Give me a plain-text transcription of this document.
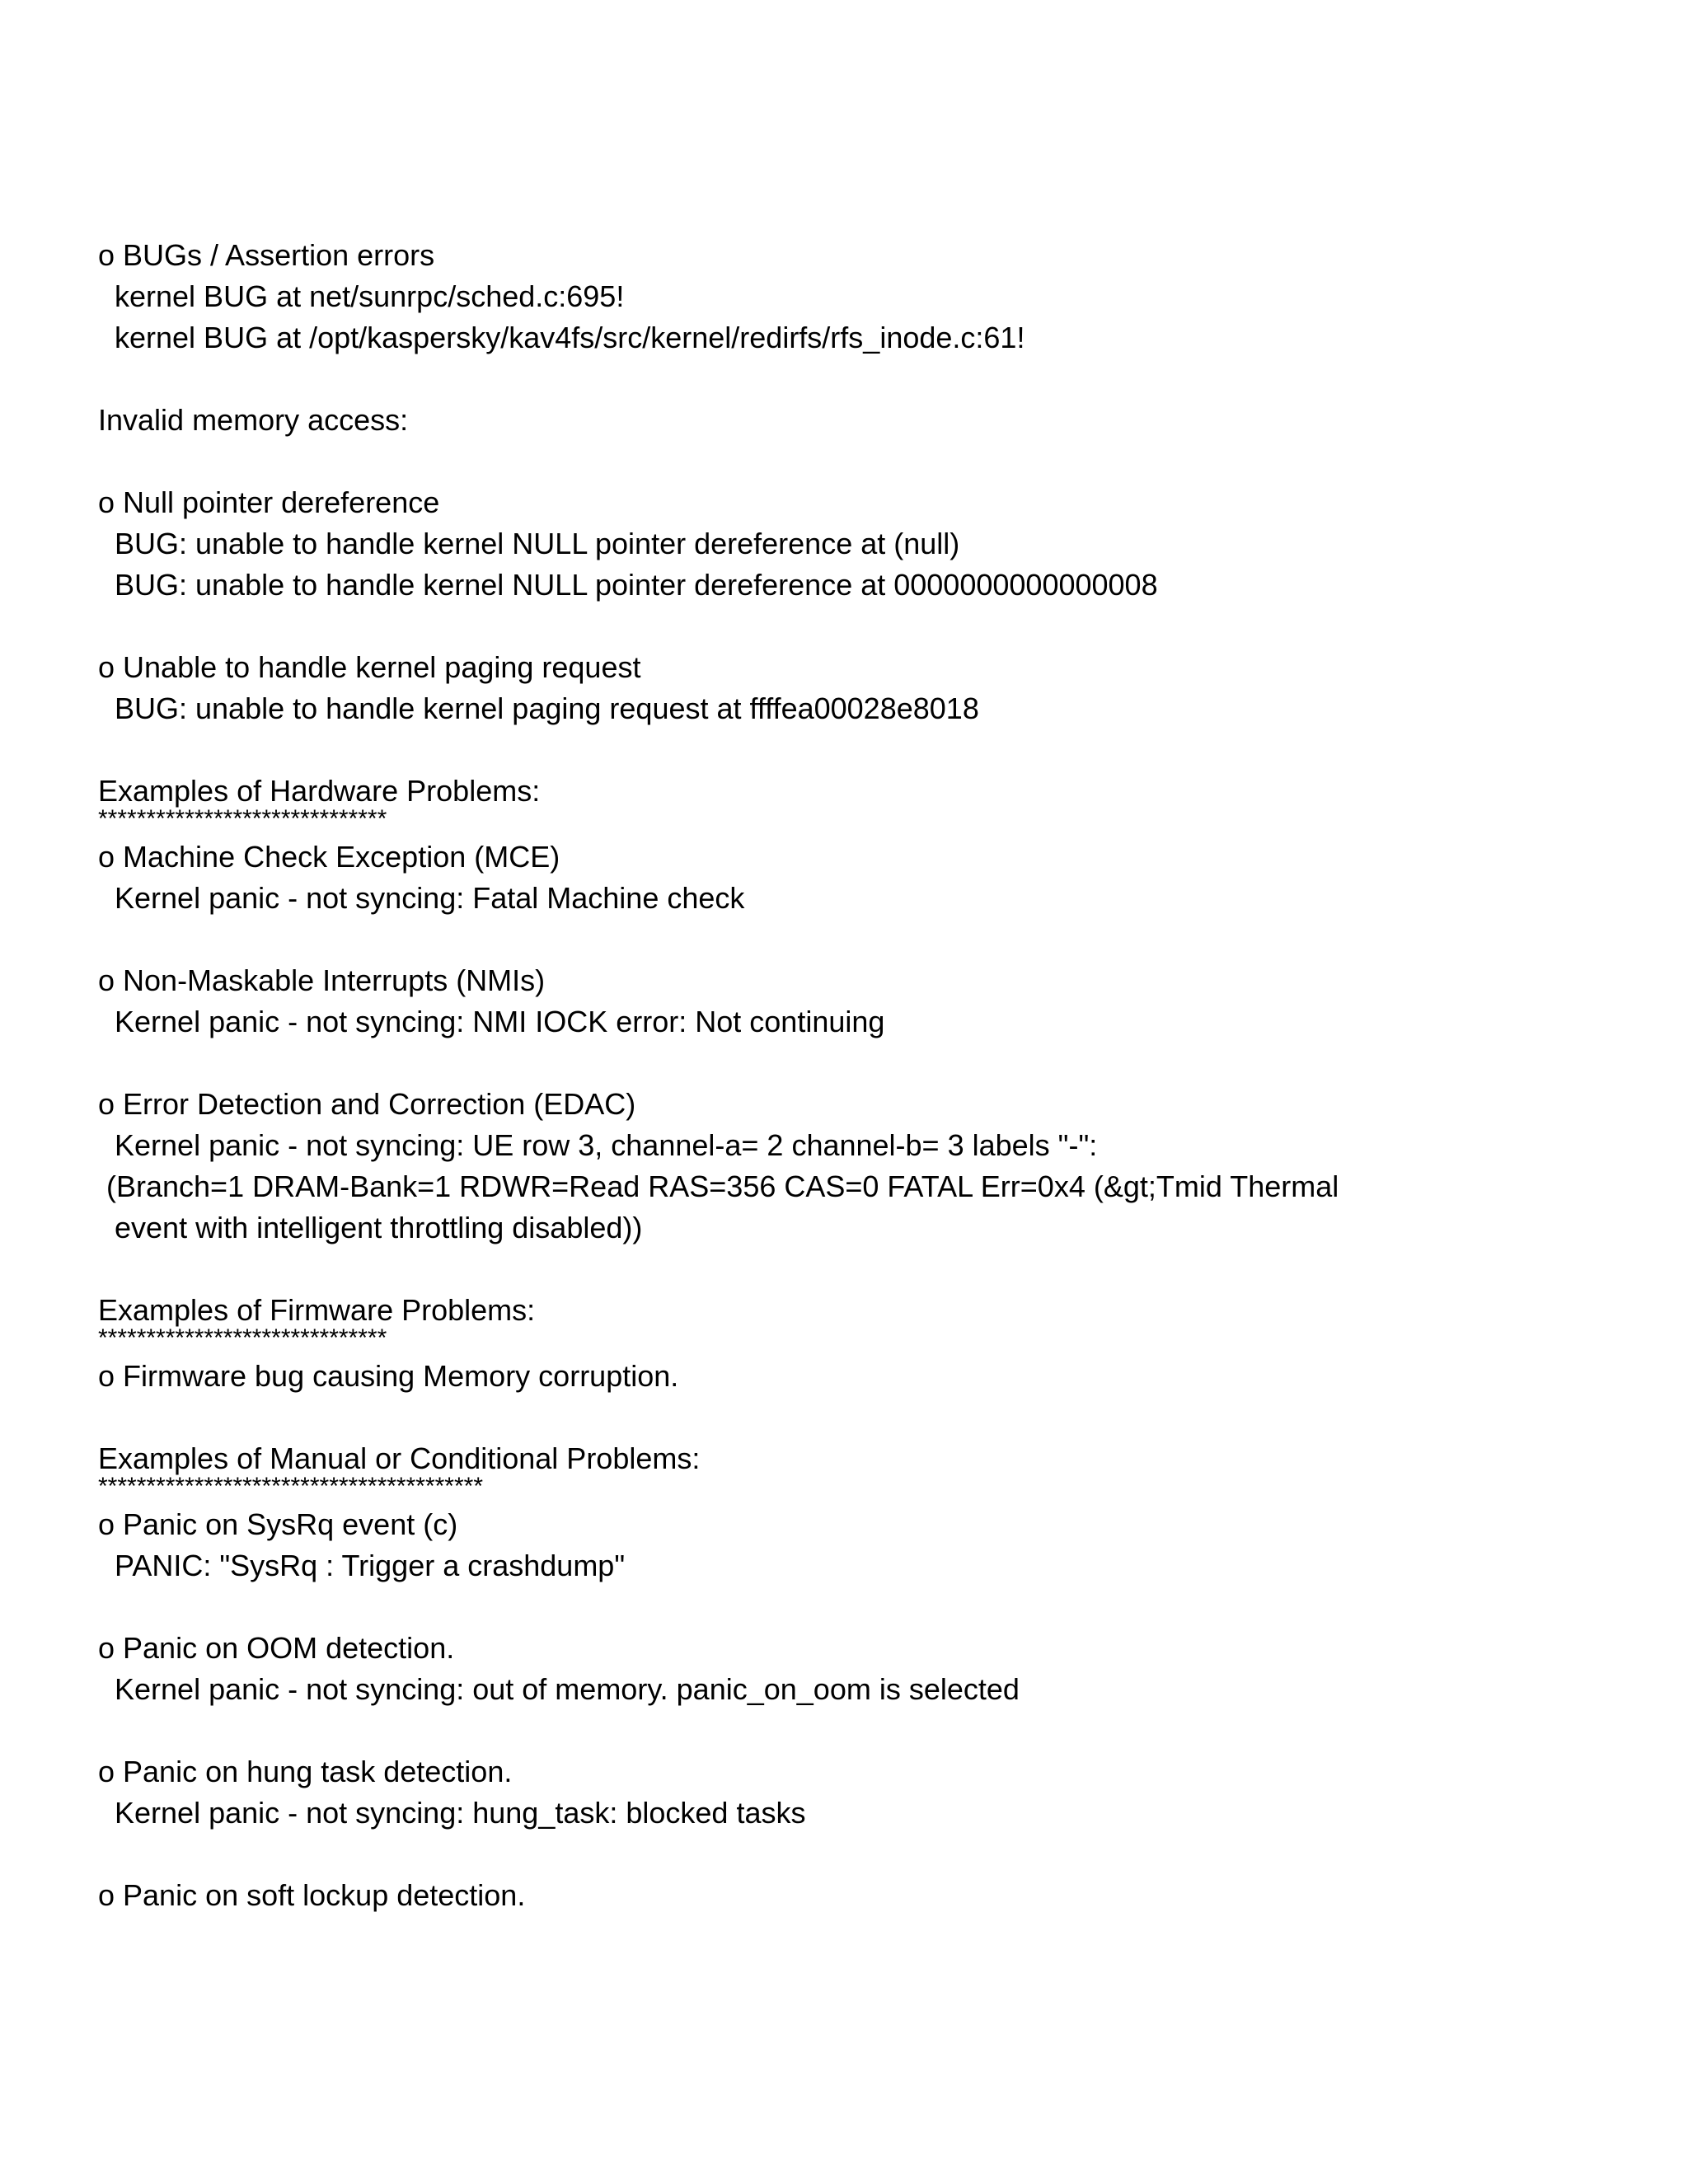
o BUGs / Assertion errors
kernel BUG at net/sunrpc/sched.c:695!
kernel BUG at /opt/kaspersky/kav4fs/src/kernel/redirfs/rfs_inode.c:61!
Invalid memory access:
o Null pointer dereference
BUG: unable to handle kernel NULL pointer dereference at (null)
BUG: unable to handle kernel NULL pointer dereference at 0000000000000008
o Unable to handle kernel paging request
BUG: unable to handle kernel paging request at ffffea00028e8018
Examples of Hardware Problems:
******************************
o Machine Check Exception (MCE)
Kernel panic - not syncing: Fatal Machine check
o Non-Maskable Interrupts (NMIs)
Kernel panic - not syncing: NMI IOCK error: Not continuing
o Error Detection and Correction (EDAC)
Kernel panic - not syncing: UE row 3, channel-a= 2 channel-b= 3 labels "-":
(Branch=1 DRAM-Bank=1 RDWR=Read RAS=356 CAS=0 FATAL Err=0x4 (&gt;Tmid Thermal
event with intelligent throttling disabled))
Examples of Firmware Problems:
******************************
o Firmware bug causing Memory corruption.
Examples of Manual or Conditional Problems:
****************************************
o Panic on SysRq event (c)
PANIC: "SysRq : Trigger a crashdump"
o Panic on OOM detection.
Kernel panic - not syncing: out of memory. panic_on_oom is selected
o Panic on hung task detection.
Kernel panic - not syncing: hung_task: blocked tasks
o Panic on soft lockup detection.
